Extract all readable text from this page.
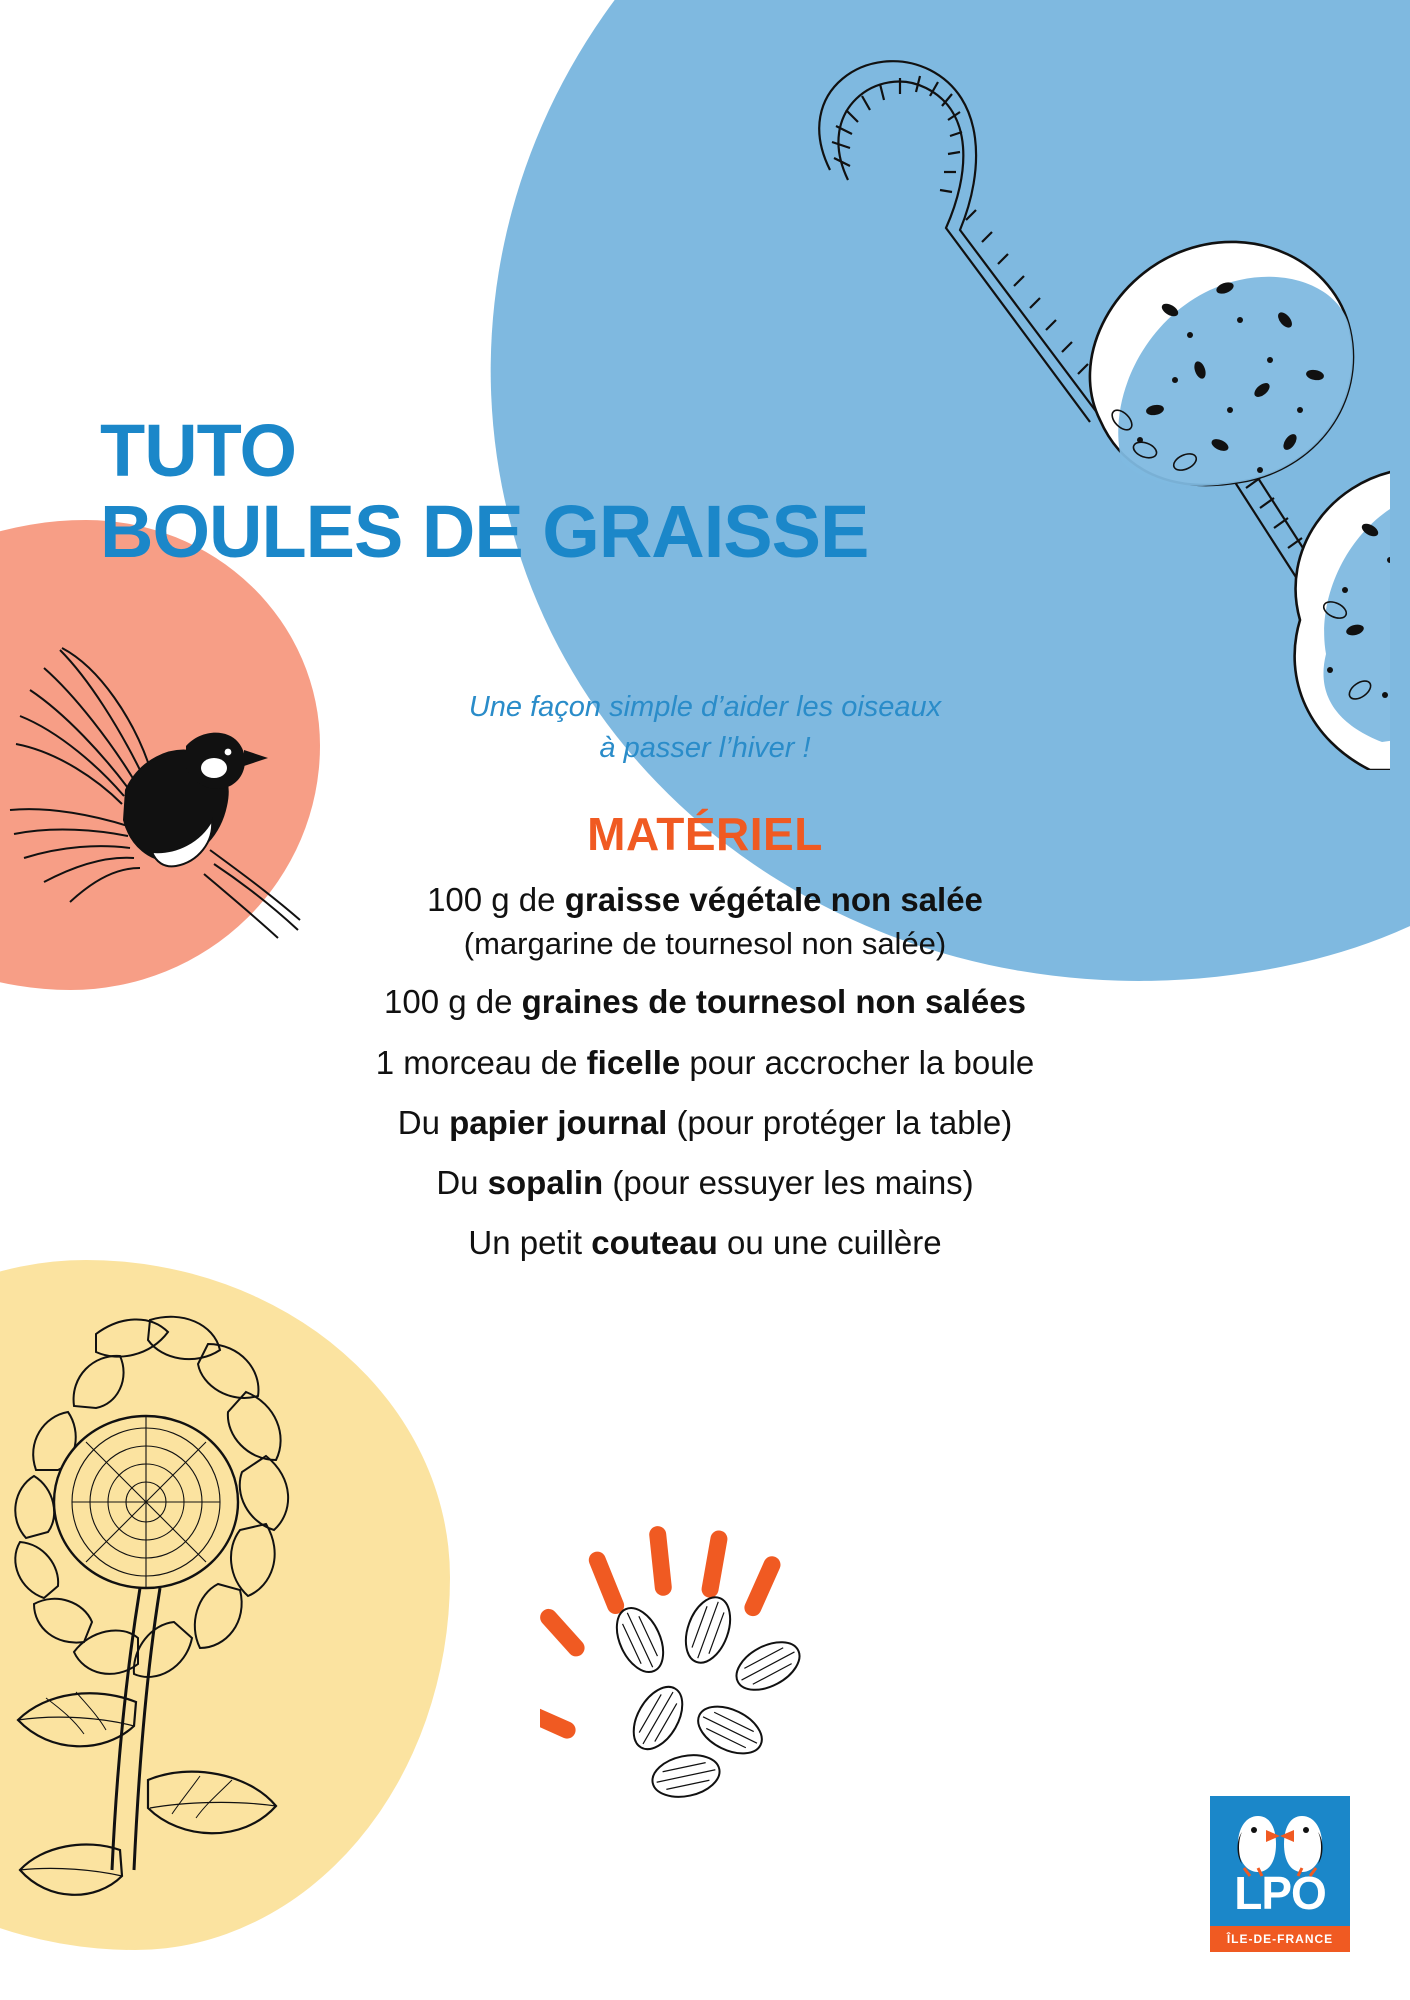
TUTO
BOULES DE GRAISSE

Une façon simple d’aider les oiseaux
à passer l’hiver !

MATÉRIEL
100 g de graisse végétale non salée
(margarine de tournesol non salée)
100 g de graines de tournesol non salées
1 morceau de ficelle pour accrocher la boule
Du papier journal (pour protéger la table)
Du sopalin (pour essuyer les mains)
Un petit couteau ou une cuillère
LPO
ÎLE-DE-FRANCE
